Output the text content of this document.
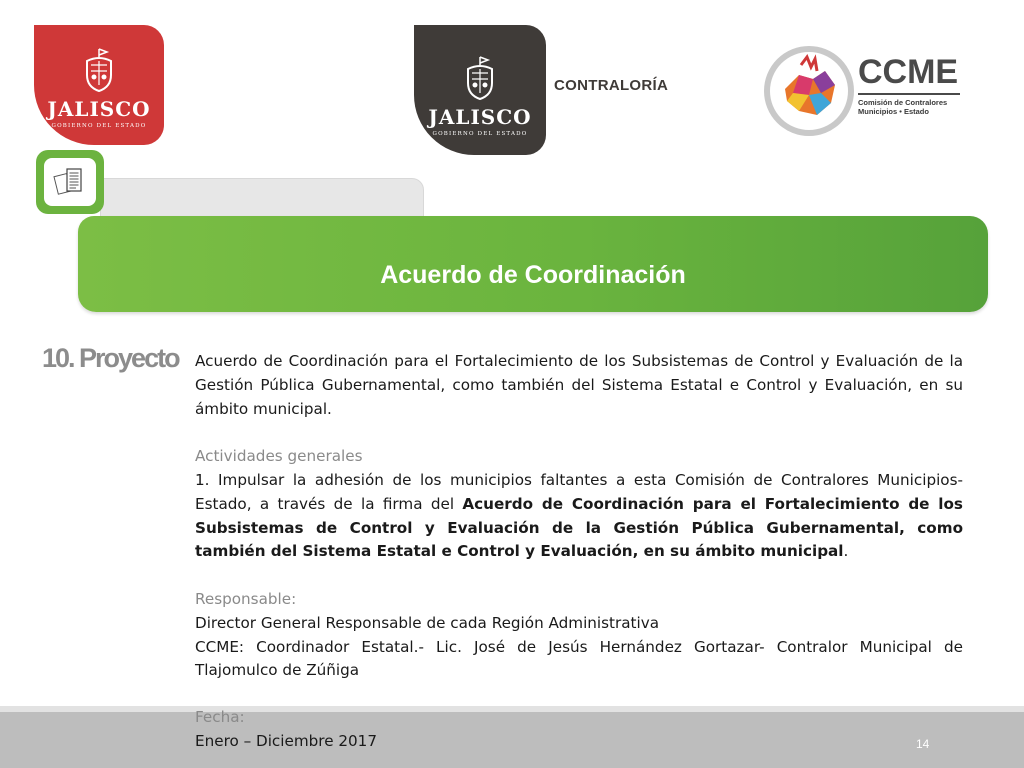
JALISCO
GOBIERNO DEL ESTADO	JALISCO
GOBIERNO DEL ESTADO
CONTRALORÍA	CCME
Comisión de Contralores
Municipios • Estado
Acuerdo de Coordinación
10. Proyecto Acuerdo de Coordinación para el Fortalecimiento de los Subsistemas de Control y Evaluación de la Gestión Pública Gubernamental, como también del Sistema Estatal e Control y Evaluación, en su ámbito municipal.

Actividades generales

1. Impulsar la adhesión de los municipios faltantes a esta Comisión de Contralores Municipios-Estado, a través de la firma del Acuerdo de Coordinación para el Fortalecimiento de los Subsistemas de Control y Evaluación de la Gestión Pública Gubernamental, como también del Sistema Estatal e Control y Evaluación, en su ámbito municipal.

Responsable:

Director General Responsable de cada Región Administrativa

CCME: Coordinador Estatal.- Lic. José de Jesús Hernández Gortazar- Contralor Municipal de Tlajomulco de Zúñiga

Fecha:
Enero – Diciembre 2017	14
